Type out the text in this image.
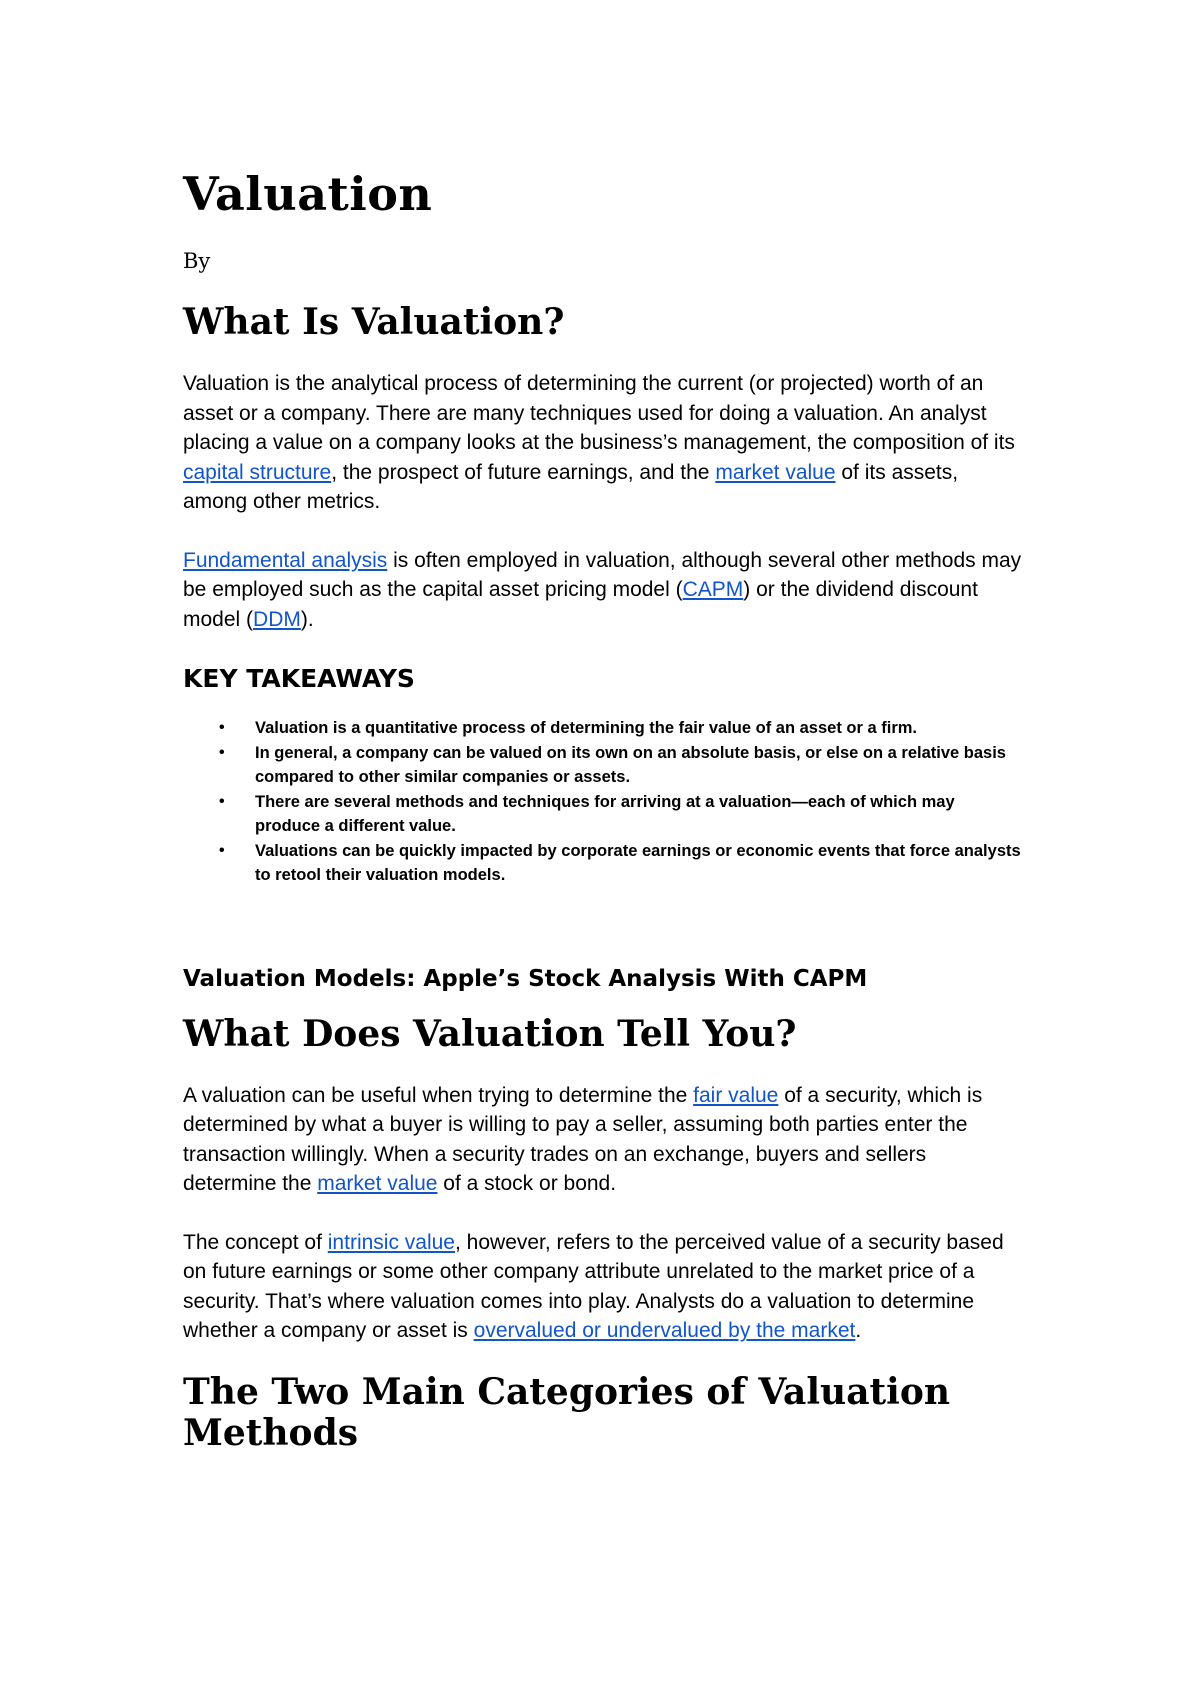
Valuation

By

What Is Valuation?

Valuation is the analytical process of determining the current (or projected) worth of an asset or a company. There are many techniques used for doing a valuation. An analyst placing a value on a company looks at the business’s management, the composition of its capital structure, the prospect of future earnings, and the market value of its assets, among other metrics.

Fundamental analysis is often employed in valuation, although several other methods may be employed such as the capital asset pricing model (CAPM) or the dividend discount model (DDM).

KEY TAKEAWAYS
• Valuation is a quantitative process of determining the fair value of an asset or a firm.
• In general, a company can be valued on its own on an absolute basis, or else on a relative basis compared to other similar companies or assets.
• There are several methods and techniques for arriving at a valuation—each of which may produce a different value.
• Valuations can be quickly impacted by corporate earnings or economic events that force analysts to retool their valuation models.
Valuation Models: Apple’s Stock Analysis With CAPM
What Does Valuation Tell You?

A valuation can be useful when trying to determine the fair value of a security, which is determined by what a buyer is willing to pay a seller, assuming both parties enter the transaction willingly. When a security trades on an exchange, buyers and sellers determine the market value of a stock or bond.

The concept of intrinsic value, however, refers to the perceived value of a security based on future earnings or some other company attribute unrelated to the market price of a security. That’s where valuation comes into play. Analysts do a valuation to determine whether a company or asset is overvalued or undervalued by the market.

The Two Main Categories of Valuation Methods
